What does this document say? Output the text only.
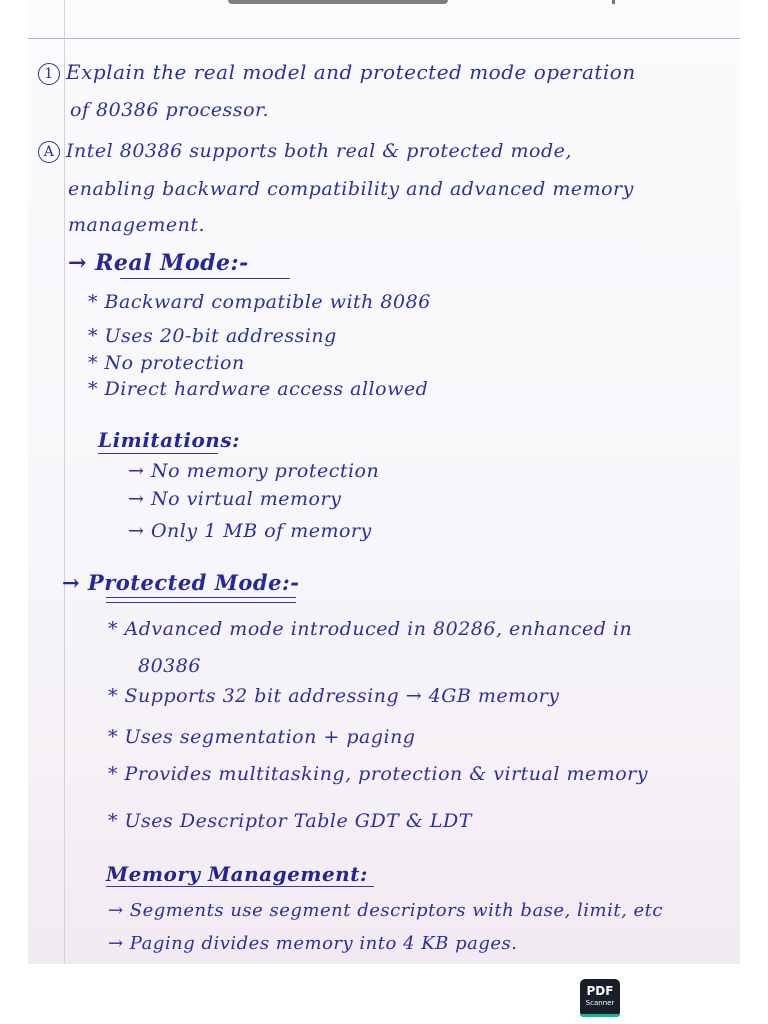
1 Explain the real model and protected mode operation
of 80386 processor.
A Intel 80386 supports both real & protected mode,
enabling backward compatibility and advanced memory
management.
→ Real Mode:-
* Backward compatible with 8086
* Uses 20-bit addressing
* No protection
* Direct hardware access allowed
Limitations:
→ No memory protection
→ No virtual memory
→ Only 1 MB of memory
→ Protected Mode:-
* Advanced mode introduced in 80286, enhanced in
80386
* Supports 32 bit addressing → 4GB memory
* Uses segmentation + paging
* Provides multitasking, protection & virtual memory
* Uses Descriptor Table GDT & LDT
Memory Management:
→ Segments use segment descriptors with base, limit, etc
→ Paging divides memory into 4 KB pages.
PDF
Scanner
